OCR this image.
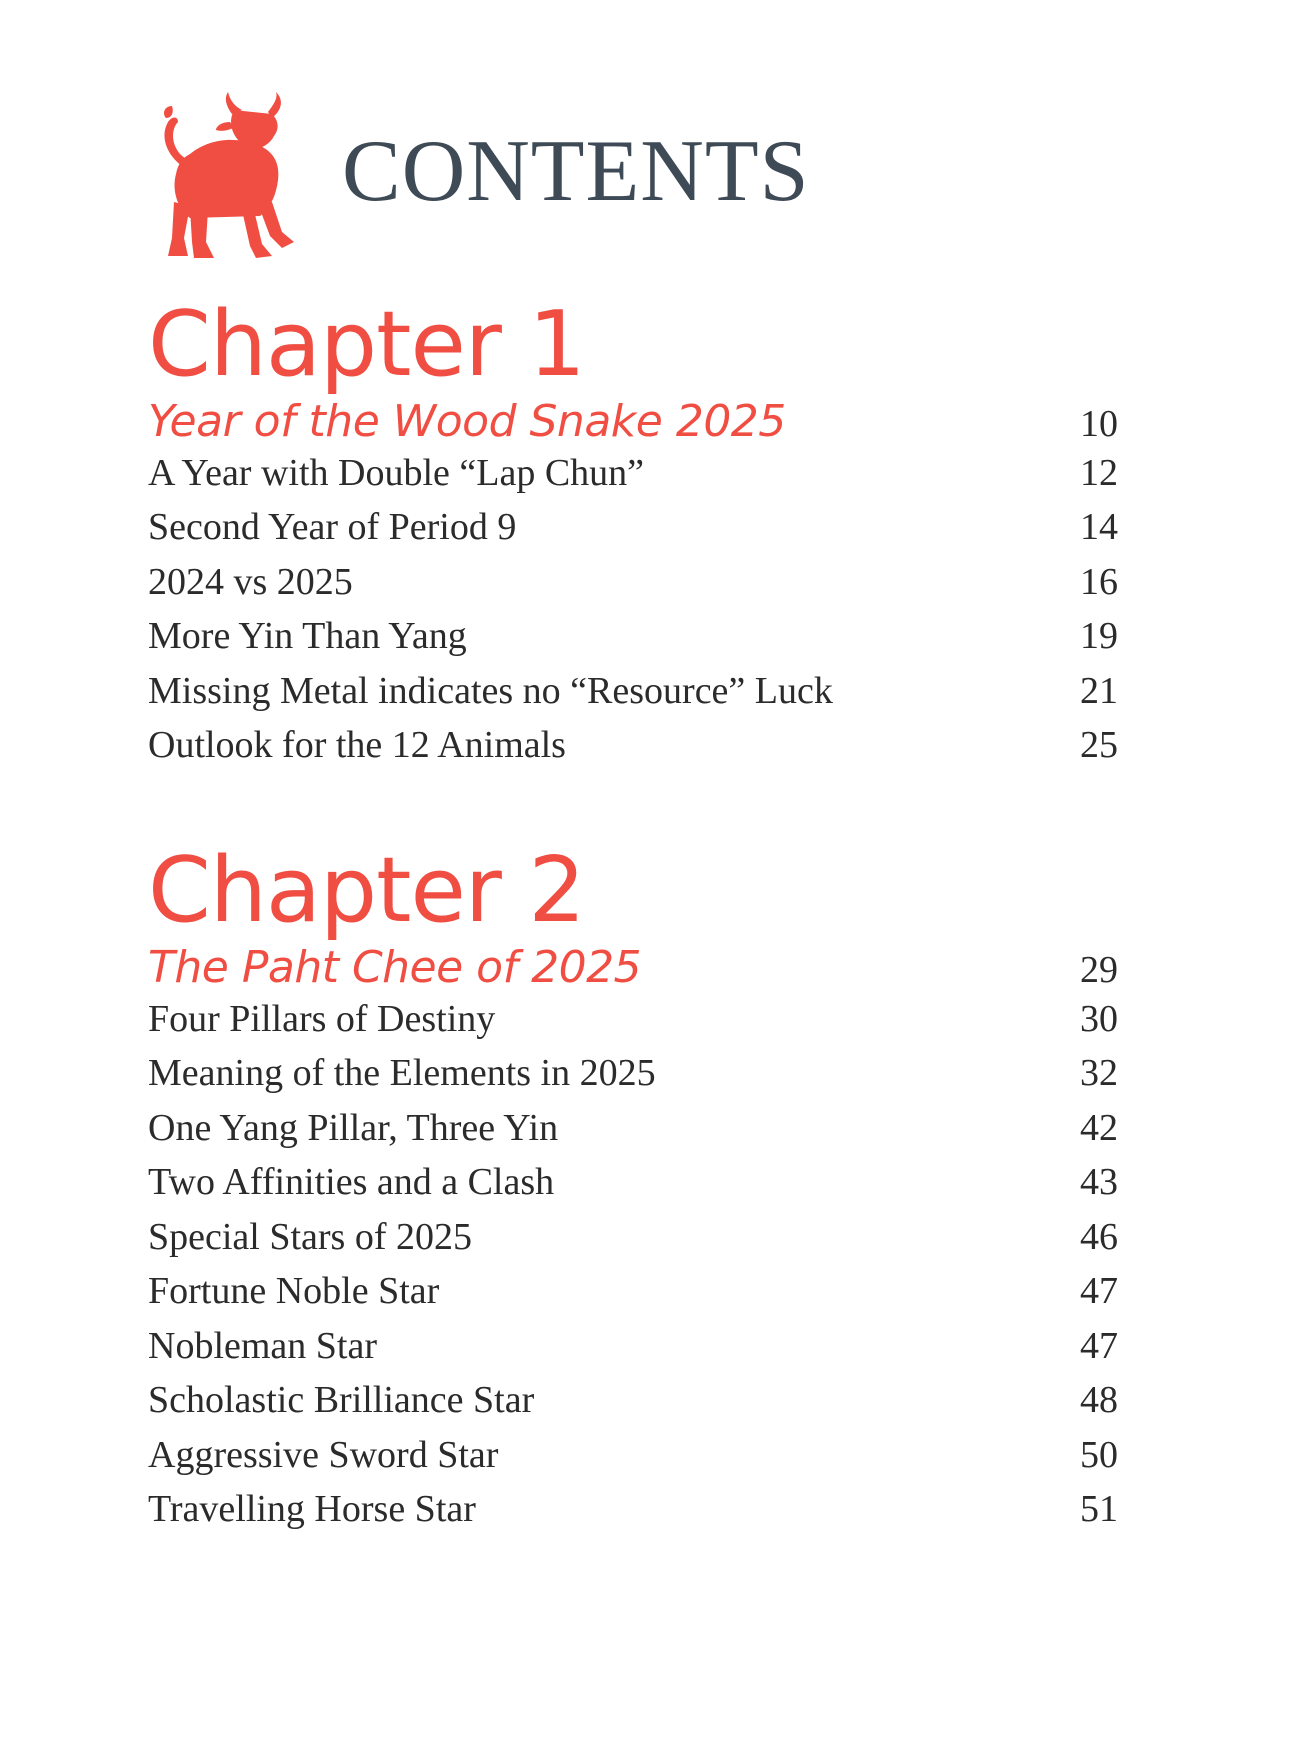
CONTENTS
Chapter 1
Year of the Wood Snake 2025	10
A Year with Double “Lap Chun”	12
Second Year of Period 9	14
2024 vs 2025	16
More Yin Than Yang	19
Missing Metal indicates no “Resource” Luck	21
Outlook for the 12 Animals	25
Chapter 2
The Paht Chee of 2025	29
Four Pillars of Destiny	30
Meaning of the Elements in 2025	32
One Yang Pillar, Three Yin	42
Two Affinities and a Clash	43
Special Stars of 2025	46
Fortune Noble Star	47
Nobleman Star	47
Scholastic Brilliance Star	48
Aggressive Sword Star	50
Travelling Horse Star	51
